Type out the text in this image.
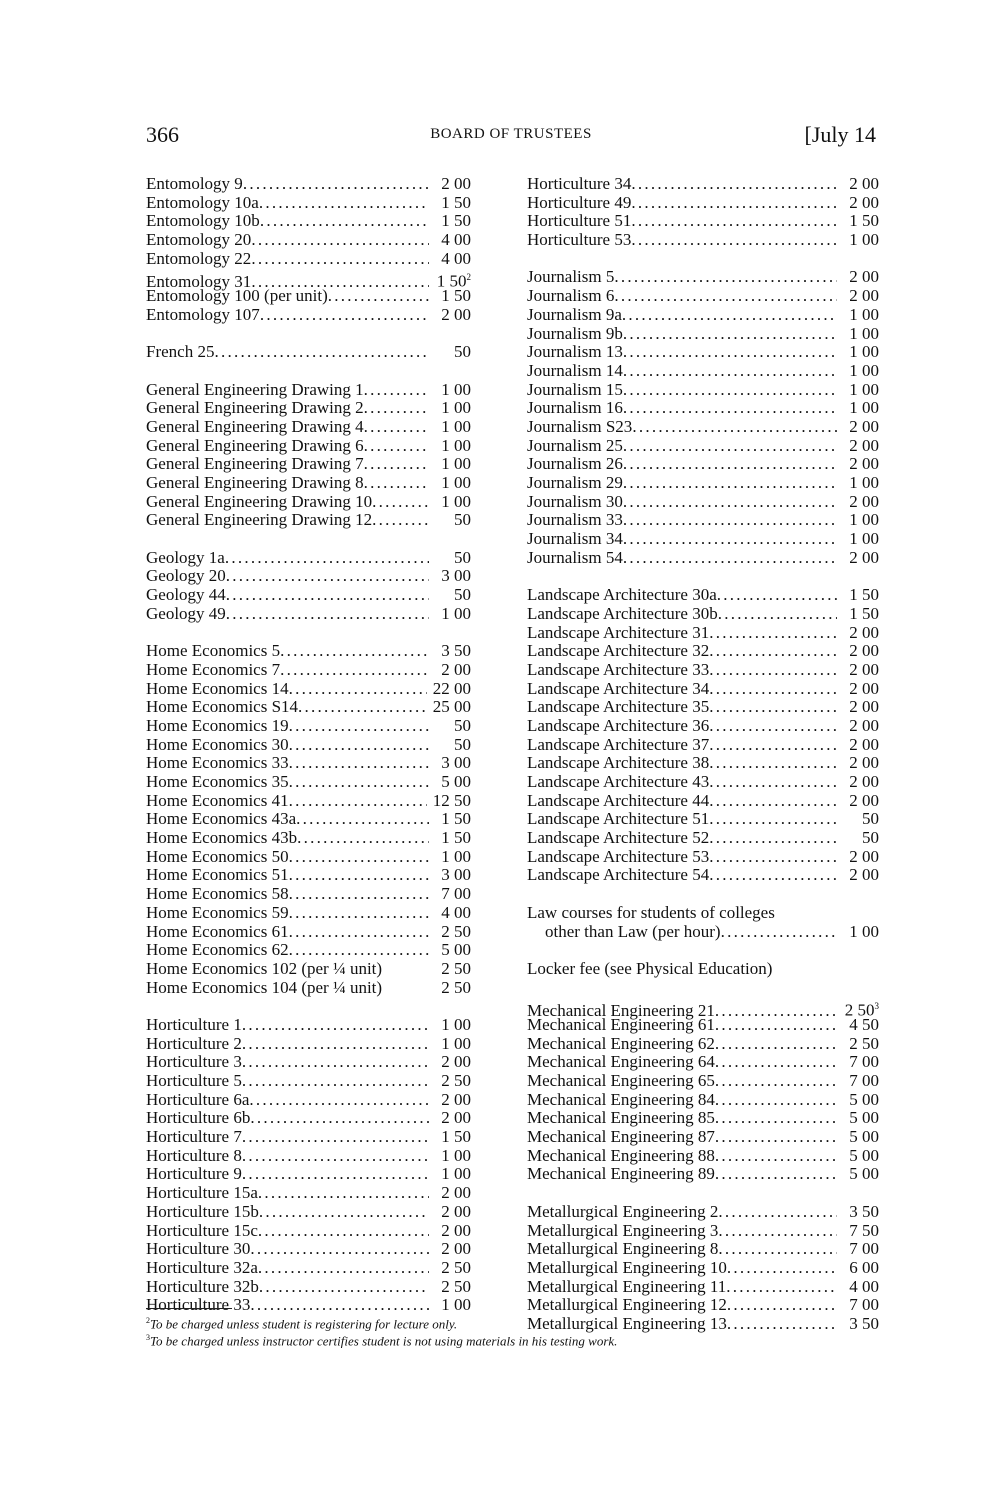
366	BOARD OF TRUSTEES	[July 14
Entomology 9 . . .	2 00
Entomology 10a . . .	1 50
Entomology 10b . . .	1 50
Entomology 20 . . .	4 00
Entomology 22 . . .	4 00
Entomology 31 . . .	1 $50^2$
Entomology 100 (per unit) . . .	1 50
Entomology 107 . . .	2 00
French 25 . . .	50
General Engineering Drawing 1 . . .	1 00
General Engineering Drawing 2 . . .	1 00
General Engineering Drawing 4 . . .	1 00
General Engineering Drawing 6 . . .	1 00
General Engineering Drawing 7 . . .	1 00
General Engineering Drawing 8 . . .	1 00
General Engineering Drawing 10 . . .	1 00
General Engineering Drawing 12 . . .	50
Geology 1a . . .	50
Geology 20 . . .	3 00
Geology 44 . . .	50
Geology 49 . . .	1 00
Home Economics 5 . . .	3 50
Home Economics 7 . . .	2 00
Home Economics 14 . . .	22 00
Home Economics S14 . . .	25 00
Home Economics 19 . . .	50
Home Economics 30 . . .	50
Home Economics 33 . . .	3 00
Home Economics 35 . . .	5 00
Home Economics 41 . . .	12 50
Home Economics 43a . . .	1 50
Home Economics 43b . . .	1 50
Home Economics 50 . . .	1 00
Home Economics 51 . . .	3 00
Home Economics 58 . . .	7 00
Home Economics 59 . . .	4 00
Home Economics 61 . . .	2 50
Home Economics 62 . . .	5 00
Home Economics 102 (per ¼ unit)	2 50
Home Economics 104 (per ¼ unit)	2 50
Horticulture 1 . . .	1 00
Horticulture 2 . . .	1 00
Horticulture 3 . . .	2 00
Horticulture 5 . . .	2 50
Horticulture 6a . . .	2 00
Horticulture 6b . . .	2 00
Horticulture 7 . . .	1 50
Horticulture 8 . . .	1 00
Horticulture 9 . . .	1 00
Horticulture 15a . . .	2 00
Horticulture 15b . . .	2 00
Horticulture 15c . . .	2 00
Horticulture 30 . . .	2 00
Horticulture 32a . . .	2 50
Horticulture 32b . . .	2 50
Horticulture 33 . . .	1 00
Horticulture 34 . . .	2 00
Horticulture 49 . . .	2 00
Horticulture 51 . . .	1 50
Horticulture 53 . . .	1 00
Journalism 5 . . .	2 00
Journalism 6 . . .	2 00
Journalism 9a . . .	1 00
Journalism 9b . . .	1 00
Journalism 13 . . .	1 00
Journalism 14 . . .	1 00
Journalism 15 . . .	1 00
Journalism 16 . . .	1 00
Journalism S23 . . .	2 00
Journalism 25 . . .	2 00
Journalism 26 . . .	2 00
Journalism 29 . . .	1 00
Journalism 30 . . .	2 00
Journalism 33 . . .	1 00
Journalism 34 . . .	1 00
Journalism 54 . . .	2 00
Landscape Architecture 30a . . .	1 50
Landscape Architecture 30b . . .	1 50
Landscape Architecture 31 . . .	2 00
Landscape Architecture 32 . . .	2 00
Landscape Architecture 33 . . .	2 00
Landscape Architecture 34 . . .	2 00
Landscape Architecture 35 . . .	2 00
Landscape Architecture 36 . . .	2 00
Landscape Architecture 37 . . .	2 00
Landscape Architecture 38 . . .	2 00
Landscape Architecture 43 . . .	2 00
Landscape Architecture 44 . . .	2 00
Landscape Architecture 51 . . .	50
Landscape Architecture 52 . . .	50
Landscape Architecture 53 . . .	2 00
Landscape Architecture 54 . . .	2 00
Law courses for students of colleges
other than Law (per hour) . . .	1 00
Locker fee (see Physical Education)
Mechanical Engineering 21 . . .	2 $50^3$
Mechanical Engineering 61 . . .	4 50
Mechanical Engineering 62 . . .	2 50
Mechanical Engineering 64 . . .	7 00
Mechanical Engineering 65 . . .	7 00
Mechanical Engineering 84 . . .	5 00
Mechanical Engineering 85 . . .	5 00
Mechanical Engineering 87 . . .	5 00
Mechanical Engineering 88 . . .	5 00
Mechanical Engineering 89 . . .	5 00
Metallurgical Engineering 2 . . .	3 50
Metallurgical Engineering 3 . . .	7 50
Metallurgical Engineering 8 . . .	7 00
Metallurgical Engineering 10 . . .	6 00
Metallurgical Engineering 11 . . .	4 00
Metallurgical Engineering 12 . . .	7 00
Metallurgical Engineering 13 . . .	3 50
$^2$To be charged unless student is registering for lecture only.
$^3$To be charged unless instructor certifies student is not using materials in his testing work.
